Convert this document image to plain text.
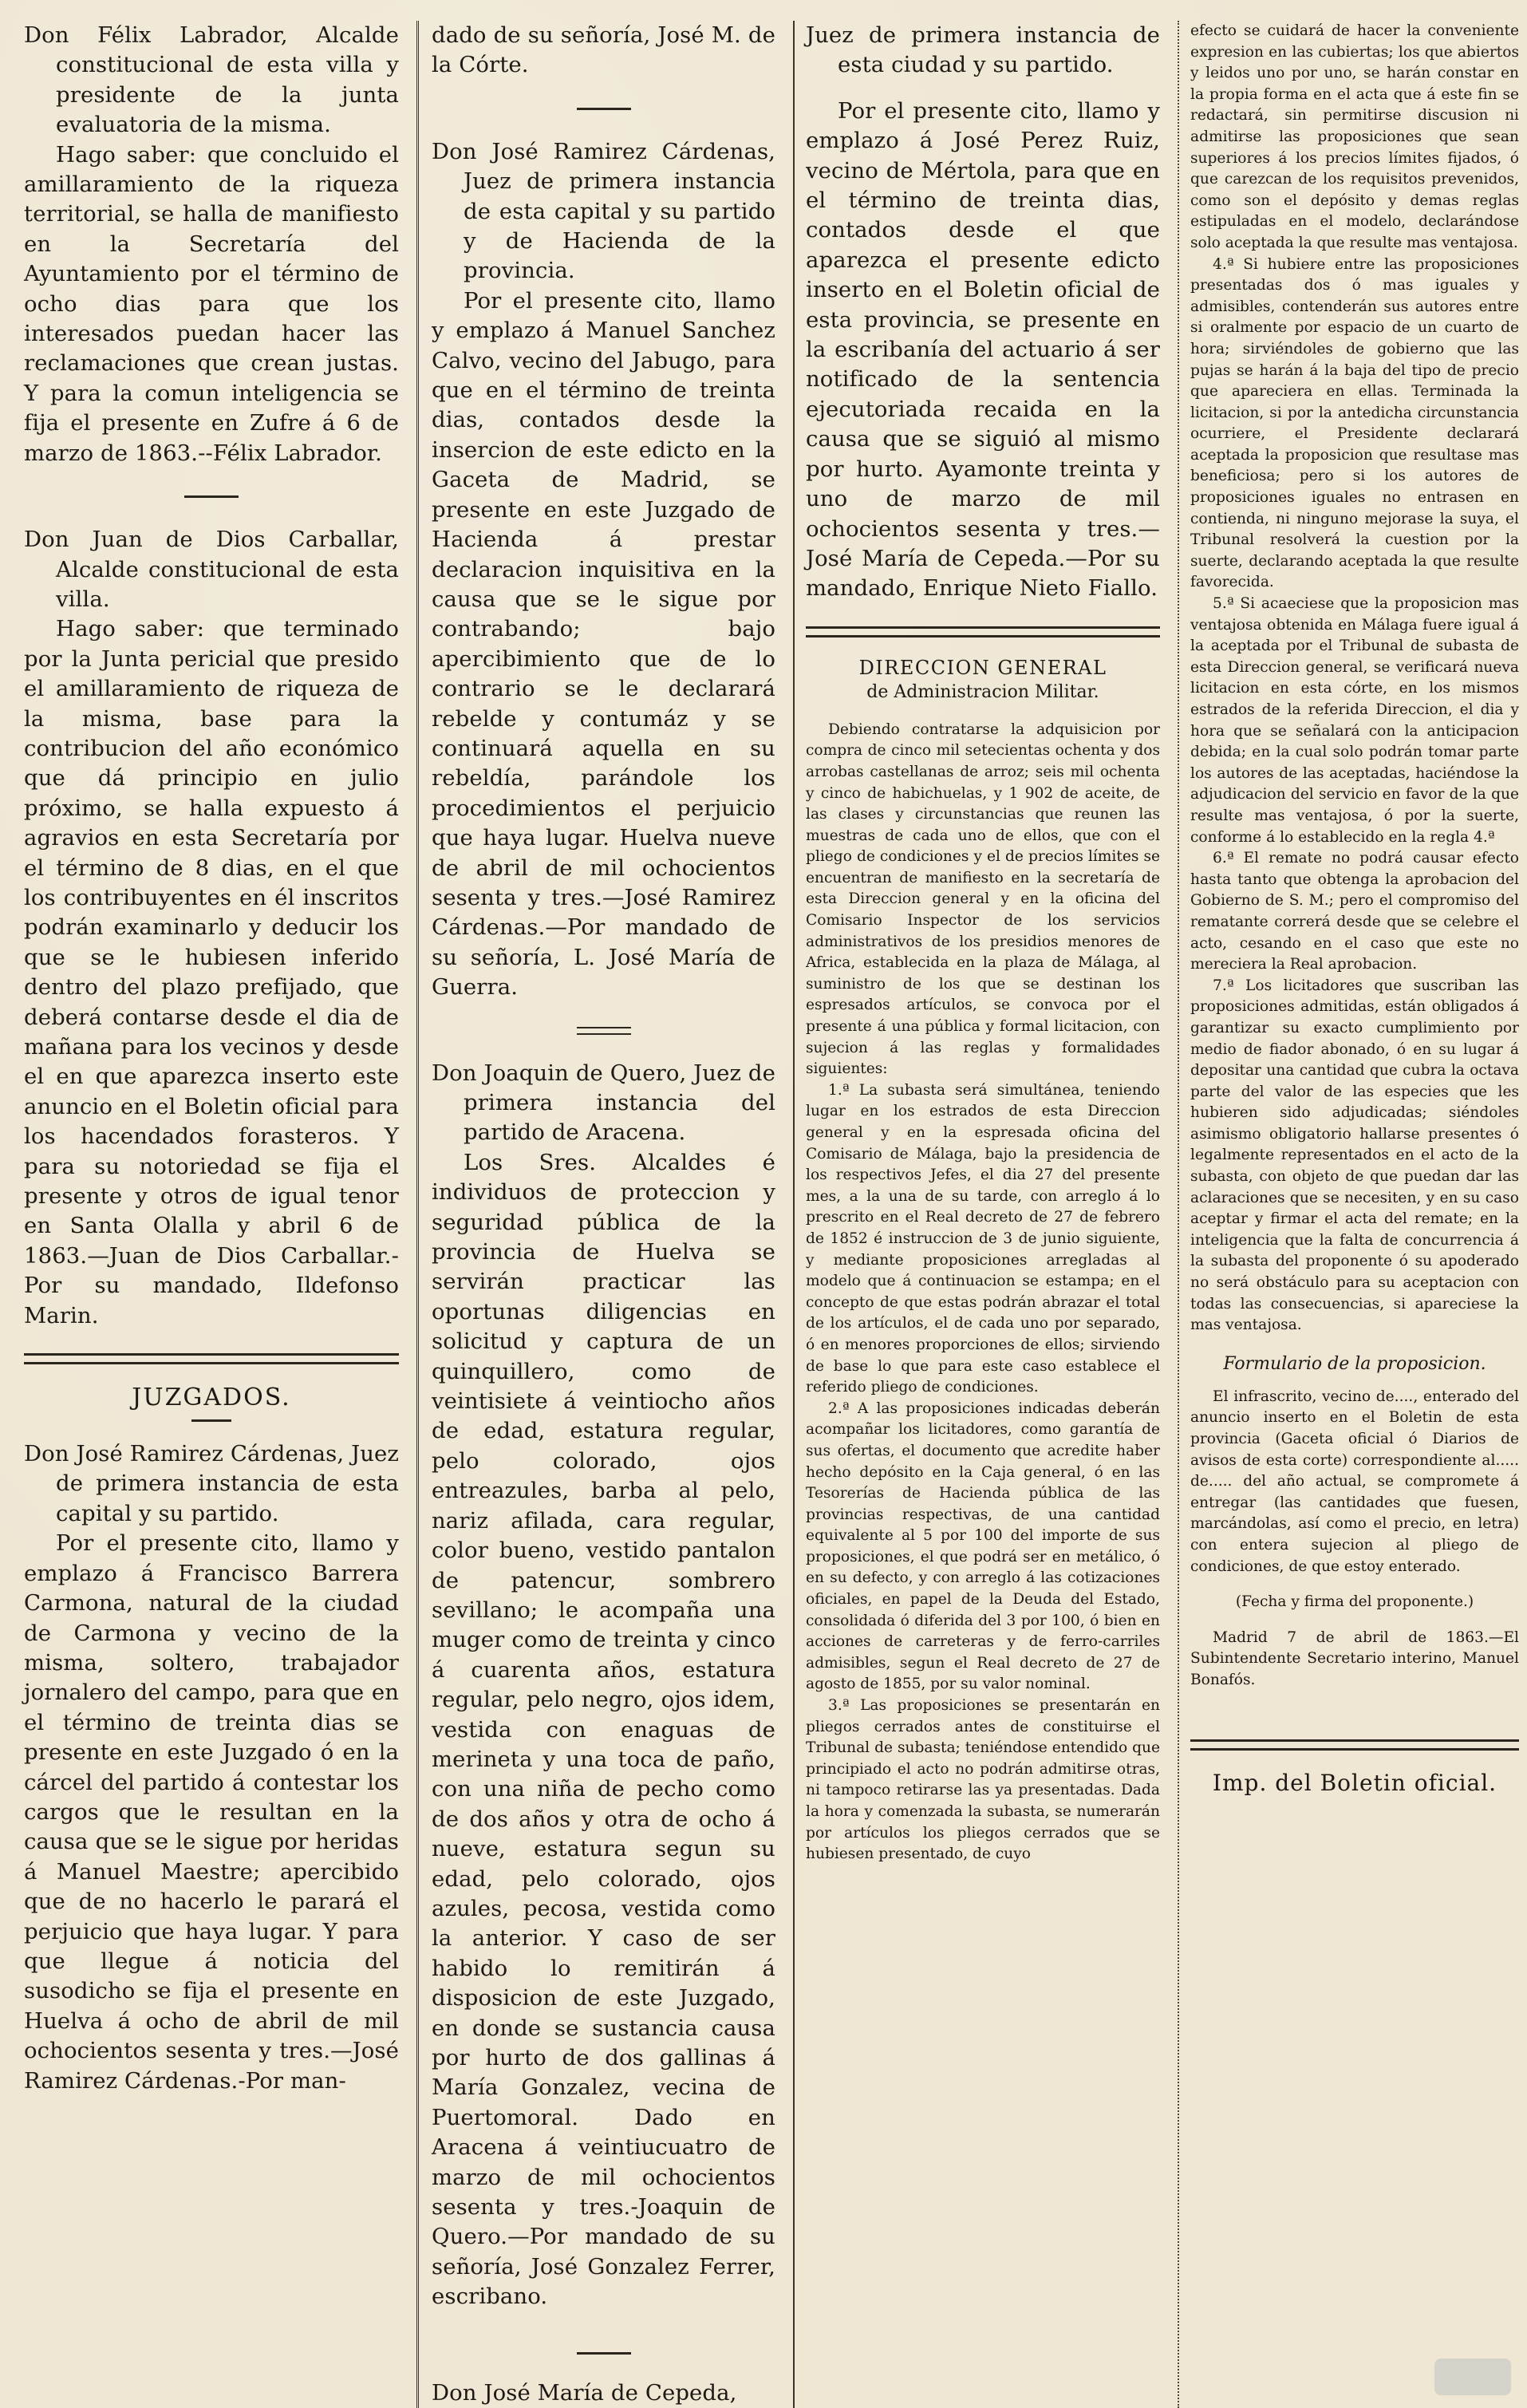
Don Félix Labrador, Alcalde constitucional de esta villa y presidente de la junta evaluatoria de la misma.

Hago saber: que concluido el amillaramiento de la riqueza territorial, se halla de manifiesto en la Secretaría del Ayuntamiento por el término de ocho dias para que los interesados puedan hacer las reclamaciones que crean justas. Y para la comun inteligencia se fija el presente en Zufre á 6 de marzo de 1863.--Félix Labrador.

Don Juan de Dios Carballar, Alcalde constitucional de esta villa.

Hago saber: que terminado por la Junta pericial que presido el amillaramiento de riqueza de la misma, base para la contribucion del año económico que dá principio en julio próximo, se halla expuesto á agravios en esta Secretaría por el término de 8 dias, en el que los contribuyentes en él inscritos podrán examinarlo y deducir los que se le hubiesen inferido dentro del plazo prefijado, que deberá contarse desde el dia de mañana para los vecinos y desde el en que aparezca inserto este anuncio en el Boletin oficial para los hacendados forasteros. Y para su notoriedad se fija el presente y otros de igual tenor en Santa Olalla y abril 6 de 1863.—Juan de Dios Carballar.-Por su mandado, Ildefonso Marin.

JUZGADOS.

Don José Ramirez Cárdenas, Juez de primera instancia de esta capital y su partido.

Por el presente cito, llamo y emplazo á Francisco Barrera Carmona, natural de la ciudad de Carmona y vecino de la misma, soltero, trabajador jornalero del campo, para que en el término de treinta dias se presente en este Juzgado ó en la cárcel del partido á contestar los cargos que le resultan en la causa que se le sigue por heridas á Manuel Maestre; apercibido que de no hacerlo le parará el perjuicio que haya lugar. Y para que llegue á noticia del susodicho se fija el presente en Huelva á ocho de abril de mil ochocientos sesenta y tres.—José Ramirez Cárdenas.-Por man-

dado de su señoría, José M. de la Córte.

Don José Ramirez Cárdenas, Juez de primera instancia de esta capital y su partido y de Hacienda de la provincia.

Por el presente cito, llamo y emplazo á Manuel Sanchez Calvo, vecino del Jabugo, para que en el término de treinta dias, contados desde la insercion de este edicto en la Gaceta de Madrid, se presente en este Juzgado de Hacienda á prestar declaracion inquisitiva en la causa que se le sigue por contrabando; bajo apercibimiento que de lo contrario se le declarará rebelde y contumáz y se continuará aquella en su rebeldía, parándole los procedimientos el perjuicio que haya lugar. Huelva nueve de abril de mil ochocientos sesenta y tres.—José Ramirez Cárdenas.—Por mandado de su señoría, L. José María de Guerra.

Don Joaquin de Quero, Juez de primera instancia del partido de Aracena.

Los Sres. Alcaldes é individuos de proteccion y seguridad pública de la provincia de Huelva se servirán practicar las oportunas diligencias en solicitud y captura de un quinquillero, como de veintisiete á veintiocho años de edad, estatura regular, pelo colorado, ojos entreazules, barba al pelo, nariz afilada, cara regular, color bueno, vestido pantalon de patencur, sombrero sevillano; le acompaña una muger como de treinta y cinco á cuarenta años, estatura regular, pelo negro, ojos idem, vestida con enaguas de merineta y una toca de paño, con una niña de pecho como de dos años y otra de ocho á nueve, estatura segun su edad, pelo colorado, ojos azules, pecosa, vestida como la anterior. Y caso de ser habido lo remitirán á disposicion de este Juzgado, en donde se sustancia causa por hurto de dos gallinas á María Gonzalez, vecina de Puertomoral. Dado en Aracena á veintiucuatro de marzo de mil ochocientos sesenta y tres.-Joaquin de Quero.—Por mandado de su señoría, José Gonzalez Ferrer, escribano.

Don José María de Cepeda,

Juez de primera instancia de esta ciudad y su partido.

Por el presente cito, llamo y emplazo á José Perez Ruiz, vecino de Mértola, para que en el término de treinta dias, contados desde el que aparezca el presente edicto inserto en el Boletin oficial de esta provincia, se presente en la escribanía del actuario á ser notificado de la sentencia ejecutoriada recaida en la causa que se siguió al mismo por hurto. Ayamonte treinta y uno de marzo de mil ochocientos sesenta y tres.—José María de Cepeda.—Por su mandado, Enrique Nieto Fiallo.

DIRECCION GENERAL
de Administracion Militar.

Debiendo contratarse la adquisicion por compra de cinco mil setecientas ochenta y dos arrobas castellanas de arroz; seis mil ochenta y cinco de habichuelas, y 1 902 de aceite, de las clases y circunstancias que reunen las muestras de cada uno de ellos, que con el pliego de condiciones y el de precios límites se encuentran de manifiesto en la secretaría de esta Direccion general y en la oficina del Comisario Inspector de los servicios administrativos de los presidios menores de Africa, establecida en la plaza de Málaga, al suministro de los que se destinan los espresados artículos, se convoca por el presente á una pública y formal licitacion, con sujecion á las reglas y formalidades siguientes:

1.ª La subasta será simultánea, teniendo lugar en los estrados de esta Direccion general y en la espresada oficina del Comisario de Málaga, bajo la presidencia de los respectivos Jefes, el dia 27 del presente mes, a la una de su tarde, con arreglo á lo prescrito en el Real decreto de 27 de febrero de 1852 é instruccion de 3 de junio siguiente, y mediante proposiciones arregladas al modelo que á continuacion se estampa; en el concepto de que estas podrán abrazar el total de los artículos, el de cada uno por separado, ó en menores proporciones de ellos; sirviendo de base lo que para este caso establece el referido pliego de condiciones.

2.ª A las proposiciones indicadas deberán acompañar los licitadores, como garantía de sus ofertas, el documento que acredite haber hecho depósito en la Caja general, ó en las Tesorerías de Hacienda pública de las provincias respectivas, de una cantidad equivalente al 5 por 100 del importe de sus proposiciones, el que podrá ser en metálico, ó en su defecto, y con arreglo á las cotizaciones oficiales, en papel de la Deuda del Estado, consolidada ó diferida del 3 por 100, ó bien en acciones de carreteras y de ferro-carriles admisibles, segun el Real decreto de 27 de agosto de 1855, por su valor nominal.

3.ª Las proposiciones se presentarán en pliegos cerrados antes de constituirse el Tribunal de subasta; teniéndose entendido que principiado el acto no podrán admitirse otras, ni tampoco retirarse las ya presentadas. Dada la hora y comenzada la subasta, se numerarán por artículos los pliegos cerrados que se hubiesen presentado, de cuyo

efecto se cuidará de hacer la conveniente expresion en las cubiertas; los que abiertos y leidos uno por uno, se harán constar en la propia forma en el acta que á este fin se redactará, sin permitirse discusion ni admitirse las proposiciones que sean superiores á los precios límites fijados, ó que carezcan de los requisitos prevenidos, como son el depósito y demas reglas estipuladas en el modelo, declarándose solo aceptada la que resulte mas ventajosa.

4.ª Si hubiere entre las proposiciones presentadas dos ó mas iguales y admisibles, contenderán sus autores entre si oralmente por espacio de un cuarto de hora; sirviéndoles de gobierno que las pujas se harán á la baja del tipo de precio que apareciera en ellas. Terminada la licitacion, si por la antedicha circunstancia ocurriere, el Presidente declarará aceptada la proposicion que resultase mas beneficiosa; pero si los autores de proposiciones iguales no entrasen en contienda, ni ninguno mejorase la suya, el Tribunal resolverá la cuestion por la suerte, declarando aceptada la que resulte favorecida.

5.ª Si acaeciese que la proposicion mas ventajosa obtenida en Málaga fuere igual á la aceptada por el Tribunal de subasta de esta Direccion general, se verificará nueva licitacion en esta córte, en los mismos estrados de la referida Direccion, el dia y hora que se señalará con la anticipacion debida; en la cual solo podrán tomar parte los autores de las aceptadas, haciéndose la adjudicacion del servicio en favor de la que resulte mas ventajosa, ó por la suerte, conforme á lo establecido en la regla 4.ª

6.ª El remate no podrá causar efecto hasta tanto que obtenga la aprobacion del Gobierno de S. M.; pero el compromiso del rematante correrá desde que se celebre el acto, cesando en el caso que este no mereciera la Real aprobacion.

7.ª Los licitadores que suscriban las proposiciones admitidas, están obligados á garantizar su exacto cumplimiento por medio de fiador abonado, ó en su lugar á depositar una cantidad que cubra la octava parte del valor de las especies que les hubieren sido adjudicadas; siéndoles asimismo obligatorio hallarse presentes ó legalmente representados en el acto de la subasta, con objeto de que puedan dar las aclaraciones que se necesiten, y en su caso aceptar y firmar el acta del remate; en la inteligencia que la falta de concurrencia á la subasta del proponente ó su apoderado no será obstáculo para su aceptacion con todas las consecuencias, si apareciese la mas ventajosa.

Formulario de la proposicion.

El infrascrito, vecino de...., enterado del anuncio inserto en el Boletin de esta provincia (Gaceta oficial ó Diarios de avisos de esta corte) correspondiente al..... de..... del año actual, se compromete á entregar (las cantidades que fuesen, marcándolas, así como el precio, en letra) con entera sujecion al pliego de condiciones, de que estoy enterado.

(Fecha y firma del proponente.)

Madrid 7 de abril de 1863.—El Subintendente Secretario interino, Manuel Bonafós.

Imp. del Boletin oficial.
